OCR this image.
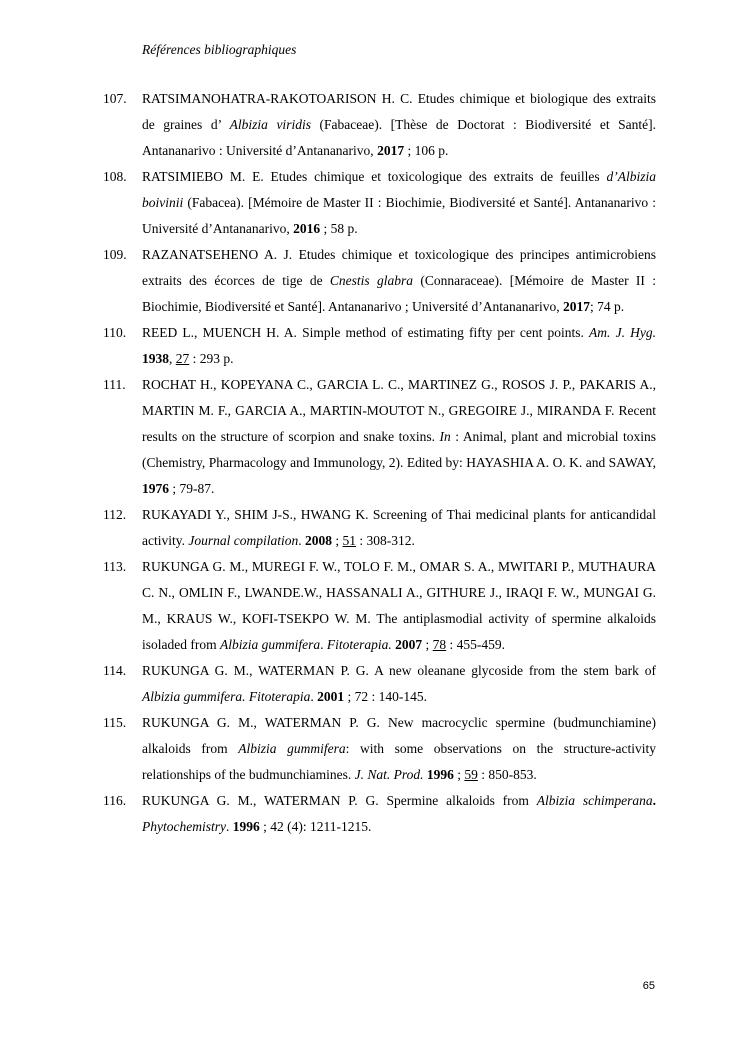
Références bibliographiques
107.	RATSIMANOHATRA-RAKOTOARISON H. C. Etudes chimique et biologique des extraits de graines d’ Albizia viridis (Fabaceae). [Thèse de Doctorat : Biodiversité et Santé]. Antananarivo : Université d’Antananarivo, 2017 ; 106 p.
108.	RATSIMIEBO M. E. Etudes chimique et toxicologique des extraits de feuilles d’Albizia boivinii (Fabacea). [Mémoire de Master II : Biochimie, Biodiversité et Santé]. Antananarivo : Université d’Antananarivo, 2016 ; 58 p.
109.	RAZANATSEHENO A. J. Etudes chimique et toxicologique des principes antimicrobiens extraits des écorces de tige de Cnestis glabra (Connaraceae). [Mémoire de Master II : Biochimie, Biodiversité et Santé]. Antananarivo ; Université d’Antananarivo, 2017; 74 p.
110.	REED L., MUENCH H. A. Simple method of estimating fifty per cent points. Am. J. Hyg. 1938, 27 : 293 p.
111.	ROCHAT H., KOPEYANA C., GARCIA L. C., MARTINEZ G., ROSOS J. P., PAKARIS A., MARTIN M. F., GARCIA A., MARTIN-MOUTOT N., GREGOIRE J., MIRANDA F. Recent results on the structure of scorpion and snake toxins. In : Animal, plant and microbial toxins (Chemistry, Pharmacology and Immunology, 2). Edited by: HAYASHIA A. O. K. and SAWAY, 1976 ; 79-87.
112.	RUKAYADI Y., SHIM J-S., HWANG K. Screening of Thai medicinal plants for anticandidal activity. Journal compilation. 2008 ; 51 : 308-312.
113.	RUKUNGA G. M., MUREGI F. W., TOLO F. M., OMAR S. A., MWITARI P., MUTHAURA C. N., OMLIN F., LWANDE.W., HASSANALI A., GITHURE J., IRAQI F. W., MUNGAI G. M., KRAUS W., KOFI-TSEKPO W. M. The antiplasmodial activity of spermine alkaloids isoladed from Albizia gummifera. Fitoterapia. 2007 ; 78 : 455-459.
114.	RUKUNGA G. M., WATERMAN P. G. A new oleanane glycoside from the stem bark of Albizia gummifera. Fitoterapia. 2001 ; 72 : 140-145.
115.	RUKUNGA G. M., WATERMAN P. G. New macrocyclic spermine (budmunchiamine) alkaloids from Albizia gummifera: with some observations on the structure-activity relationships of the budmunchiamines. J. Nat. Prod. 1996 ; 59 : 850-853.
116.	RUKUNGA G. M., WATERMAN P. G. Spermine alkaloids from Albizia schimperana. Phytochemistry. 1996 ; 42 (4): 1211-1215.
65
